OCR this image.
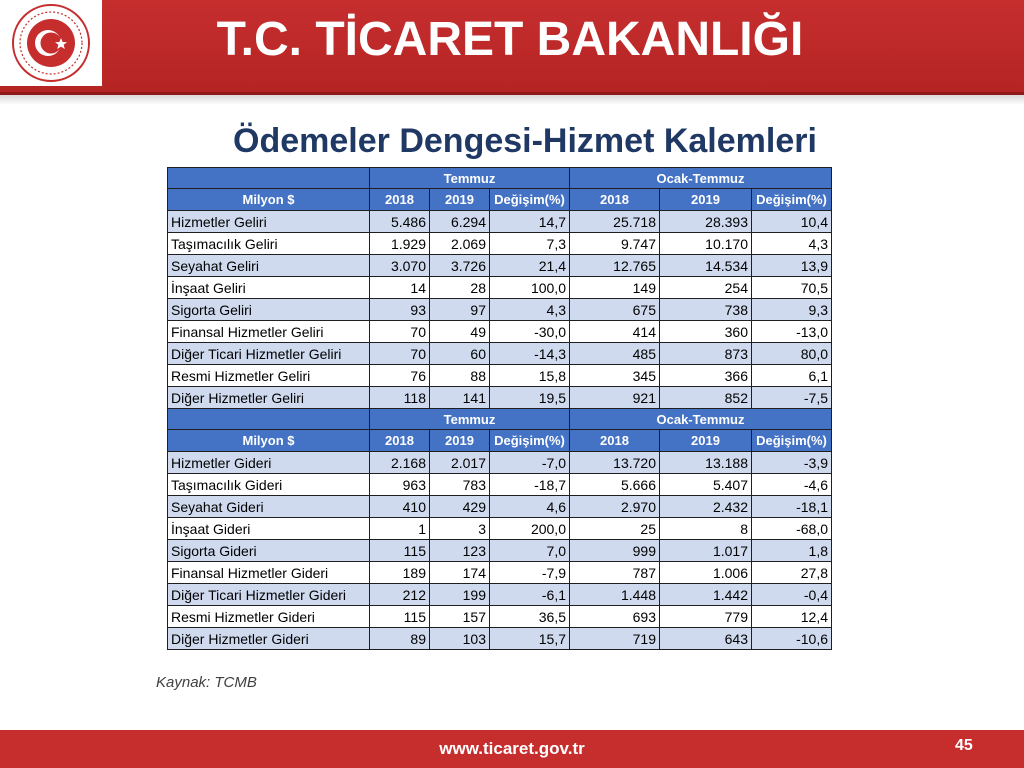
T.C. TİCARET BAKANLIĞI
Ödemeler Dengesi-Hizmet Kalemleri
	Temmuz			Ocak-Temmuz		
Milyon $	2018	2019	Değişim(%)	2018	2019	Değişim(%)
Hizmetler Geliri	5.486	6.294	14,7	25.718	28.393	10,4
Taşımacılık Geliri	1.929	2.069	7,3	9.747	10.170	4,3
Seyahat Geliri	3.070	3.726	21,4	12.765	14.534	13,9
İnşaat Geliri	14	28	100,0	149	254	70,5
Sigorta Geliri	93	97	4,3	675	738	9,3
Finansal Hizmetler Geliri	70	49	-30,0	414	360	-13,0
Diğer Ticari Hizmetler Geliri	70	60	-14,3	485	873	80,0
Resmi Hizmetler Geliri	76	88	15,8	345	366	6,1
Diğer Hizmetler Geliri	118	141	19,5	921	852	-7,5
	Temmuz			Ocak-Temmuz		
Milyon $	2018	2019	Değişim(%)	2018	2019	Değişim(%)
Hizmetler Gideri	2.168	2.017	-7,0	13.720	13.188	-3,9
Taşımacılık Gideri	963	783	-18,7	5.666	5.407	-4,6
Seyahat Gideri	410	429	4,6	2.970	2.432	-18,1
İnşaat Gideri	1	3	200,0	25	8	-68,0
Sigorta Gideri	115	123	7,0	999	1.017	1,8
Finansal Hizmetler Gideri	189	174	-7,9	787	1.006	27,8
Diğer Ticari Hizmetler Gideri	212	199	-6,1	1.448	1.442	-0,4
Resmi Hizmetler Gideri	115	157	36,5	693	779	12,4
Diğer Hizmetler Gideri	89	103	15,7	719	643	-10,6
Kaynak: TCMB
www.ticaret.gov.tr	45
